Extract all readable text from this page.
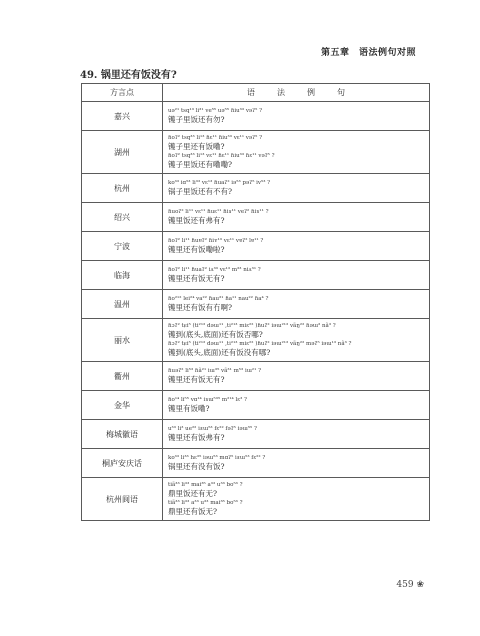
第五章　语法例句对照
49. 锅里还有饭没有?
方言点	语法例句
嘉兴	uə²¹ tsq¹³ li³¹ ve⁵⁵ uə⁵⁵ ɦiu³³ vəʔ⁵ ?
镬子里饭还有勿?

湖州	ɦoʔ² tsq³³ li¹³ ɦɛ¹¹ ɦiu³³ vɛ¹¹ vəʔ⁵ ?
镬子里还有饭嘞?
ɦoʔ² tsq³³ li¹³ vɛ¹¹ ɦɛ¹¹ ɦiu³³ ɦɛ¹¹ vəʔ⁵ ?
镬子里饭还有嘞嘞?

杭州	ko³³ iɑ⁵³ li³³ vɛ¹³ ɦuaʔ² iə⁵³ pəʔ⁵ iv⁵³ ?
锅子里饭还有不有?

绍兴	ɦuoʔ² li¹¹ vɛ¹¹ ɦuɛ¹¹ ɦiɤ¹¹ veʔ² ɦiɤ¹¹ ?
镬里饭还有弗有?

宁波	ɦoʔ² li¹¹ ɦuɐʔ² ɦiʏ¹³ vɛ¹¹ vɐʔ² lɐ¹¹ ?
镬里还有饭嘞啦?

临海	ɦoʔ² li¹¹ ɦuaʔ² iʌ³³ vɛ¹³ m³³ niʌ³¹ ?
镬里还有饭无有?

温州	ɦo²¹² lei²⁴ va²² ɦau³¹ ɦa¹¹ nau²² ɦa⁴ ?
镬里还有饭有冇啊?

丽水	ɦɔʔ² tɕi⁵ (ti²¹³ dəɯ¹¹ ,ti²¹³ miɛ²² )ɦuʔ² iəɯ²¹³ vãŋ²² ɦəɯ³ nã³ ?
镬到(底头,底面)还有饭否哪?
ɦɔʔ² tɕi⁵ (ti²¹³ dəɯ¹¹ ,ti²¹³ miɛ²² )ɦuʔ² iəɯ²¹³ vãŋ²² məʔ⁵ iəɯ¹³ nã³ ?
镬到(底头,底面)还有饭没有哪?

衢州	ɦuəʔ² li⁵³ ɦã²¹ iɯ³⁵ vã³¹ m⁵³ iɯ²¹ ?
镬里还有饭无有?

金华	ɦo¹⁴ li⁵⁵ vɑ¹⁴ iɤɯ⁵³⁵ m²¹⁴ lɛ³ ?
镬里有饭嘞?

梅城徽语	u³³ li³ ue²² iɤɯ⁵³ fɛ²² fəʔ⁵ iəɯ⁵⁵ ?
镬里还有饭弗有?

桐庐安庆话	ko³³ li³³ hɛ³⁵ iəɯ⁵³ mɑʔ⁵ iɤɯ⁵³ fɛ²² ?
锅里还有没有饭?

杭州阆语	tiã³³ li³³ mai³⁵ a³³ u³³ bo⁵³ ?
鼎里饭还有无?
tiã³³ li³³ a³³ u³³ mai³⁵ bo⁵³ ?
鼎里还有饭无?
459 ❀
